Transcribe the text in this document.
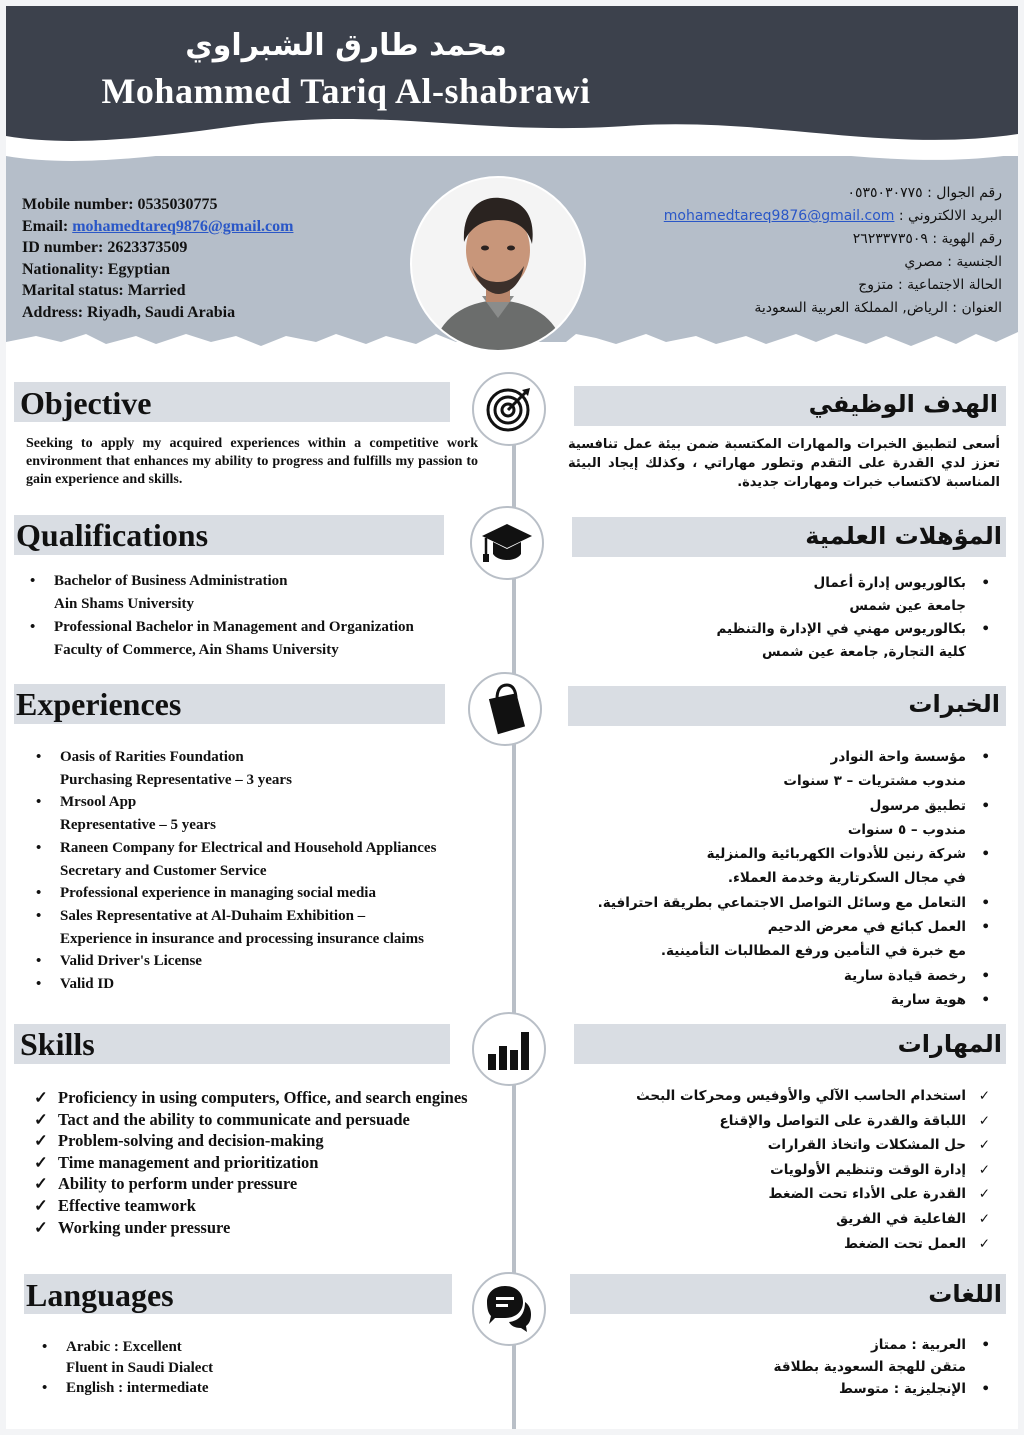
محمد طارق الشبراوي
Mohammed Tariq Al-shabrawi
Mobile number: 0535030775
Email: mohamedtareq9876@gmail.com
ID number: 2623373509
Nationality: Egyptian
Marital status: Married
Address: Riyadh, Saudi Arabia
رقم الجوال : ٠٥٣٥٠٣٠٧٧٥
البريد الالكتروني : mohamedtareq9876@gmail.com
رقم الهوية : ٢٦٢٣٣٧٣٥٠٩
الجنسية : مصري
الحالة الاجتماعية : متزوج
العنوان : الرياض, المملكة العربية السعودية
Objective	الهدف الوظيفي
Seeking to apply my acquired experiences within a competitive work environment that enhances my ability to progress and fulfills my passion to gain experience and skills.
أسعى لتطبيق الخبرات والمهارات المكتسبة ضمن بيئة عمل تنافسية تعزز لدي القدرة على التقدم وتطور مهاراتي ، وكذلك إيجاد البيئة المناسبة لاكتساب خبرات ومهارات جديدة.
Qualifications	المؤهلات العلمية
• Bachelor of Business Administration
Ain Shams University
• Professional Bachelor in Management and Organization
Faculty of Commerce, Ain Shams University
•
بكالوريوس إدارة أعمال
جامعة عين شمس
•
بكالوريوس مهني في الإدارة والتنظيم
كلية التجارة, جامعة عين شمس
Experiences	الخبرات
• Oasis of Rarities Foundation
Purchasing Representative – 3 years
• Mrsool App
Representative – 5 years
• Raneen Company for Electrical and Household Appliances
Secretary and Customer Service
• Professional experience in managing social media
• Sales Representative at Al-Duhaim Exhibition –
Experience in insurance and processing insurance claims
• Valid Driver's License
• Valid ID
•
مؤسسة واحة النوادر
مندوب مشتريات – ٣ سنوات
•
تطبيق مرسول
مندوب – ٥ سنوات
•
شركة رنين للأدوات الكهربائية والمنزلية
في مجال السكرتارية وخدمة العملاء.
•
التعامل مع وسائل التواصل الاجتماعي بطريقة احترافية.
•
العمل كبائع في معرض الدحيم
مع خبرة في التأمين ورفع المطالبات التأمينية.
•
رخصة قيادة سارية
•
هوية سارية
Skills	المهارات
✓ Proficiency in using computers, Office, and search engines
✓ Tact and the ability to communicate and persuade
✓ Problem-solving and decision-making
✓ Time management and prioritization
✓ Ability to perform under pressure
✓ Effective teamwork
✓ Working under pressure
✓
استخدام الحاسب الآلي والأوفيس ومحركات البحث
✓
اللباقة والقدرة على التواصل والإقناع
✓
حل المشكلات واتخاذ القرارات
✓
إدارة الوقت وتنظيم الأولويات
✓
القدرة على الأداء تحت الضغط
✓
الفاعلية في الفريق
✓
العمل تحت الضغط
Languages	اللغات
• Arabic : Excellent
Fluent in Saudi Dialect
• English : intermediate
•
العربية : ممتاز
متقن للهجة السعودية بطلاقة
•
الإنجليزية : متوسط
